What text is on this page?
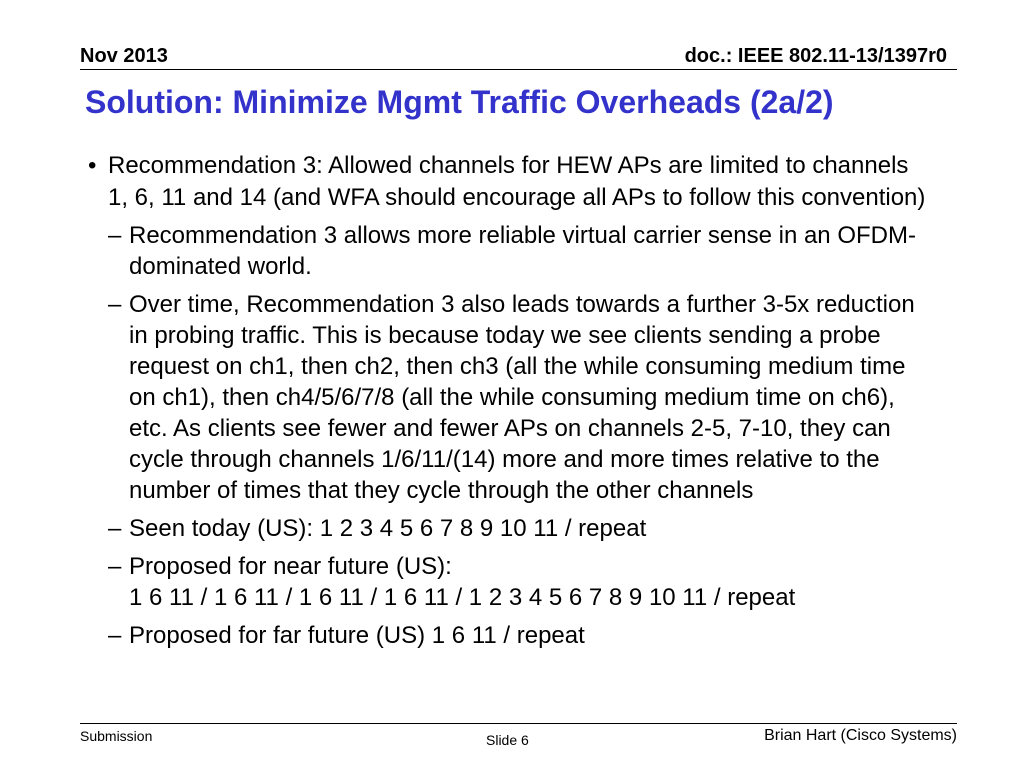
Nov 2013	doc.: IEEE 802.11-13/1397r0
Solution: Minimize Mgmt Traffic Overheads (2a/2)
• Recommendation 3: Allowed channels for HEW APs are limited to channels 1, 6, 11 and 14 (and WFA should encourage all APs to follow this convention)
– Recommendation 3 allows more reliable virtual carrier sense in an OFDM-dominated world.
– Over time, Recommendation 3 also leads towards a further 3-5x reduction in probing traffic. This is because today we see clients sending a probe request on ch1, then ch2, then ch3 (all the while consuming medium time on ch1), then ch4/5/6/7/8 (all the while consuming medium time on ch6), etc. As clients see fewer and fewer APs on channels 2-5, 7-10, they can cycle through channels 1/6/11/(14) more and more times relative to the number of times that they cycle through the other channels
– Seen today (US): 1 2 3 4 5 6 7 8 9 10 11 / repeat
– Proposed for near future (US):
1 6 11 / 1 6 11 / 1 6 11 / 1 6 11 / 1 2 3 4 5 6 7 8 9 10 11 / repeat
– Proposed for far future (US) 1 6 11 / repeat
Submission	Slide 6	Brian Hart (Cisco Systems)
